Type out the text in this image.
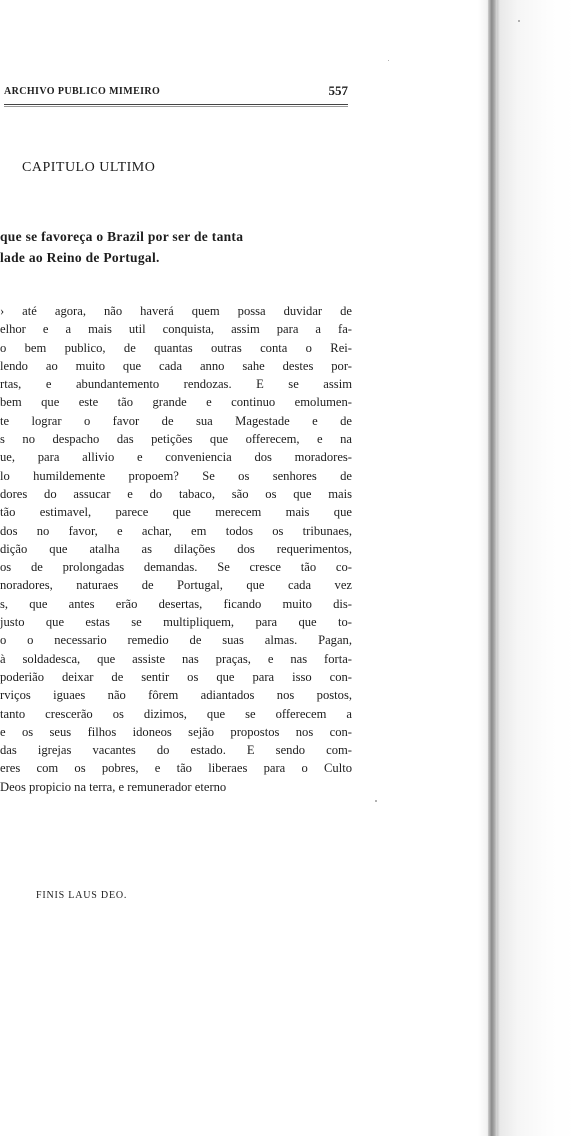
ARCHIVO PUBLICO MIMEIRO	557
CAPITULO ULTIMO
que se favoreça o Brazil por ser de tanta
lade ao Reino de Portugal.
› até agora, não haverá quem possa duvidar de
elhor e a mais util conquista, assim para a fa-
o bem publico, de quantas outras conta o Rei-
lendo ao muito que cada anno sahe destes por-
rtas, e abundantemento rendozas. E se assim
bem que este tão grande e continuo emolumen-
te lograr o favor de sua Magestade e de
s no despacho das petições que offerecem, e na
ue, para allivio e conveniencia dos moradores-
lo humildemente propoem? Se os senhores de
dores do assucar e do tabaco, são os que mais
tão estimavel, parece que merecem mais que
dos no favor, e achar, em todos os tribunaes,
dição que atalha as dilações dos requerimentos,
os de prolongadas demandas. Se cresce tão co-
noradores, naturaes de Portugal, que cada vez
s, que antes erão desertas, ficando muito dis-
justo que estas se multipliquem, para que to-
o o necessario remedio de suas almas. Pagan,
à soldadesca, que assiste nas praças, e nas forta-
poderião deixar de sentir os que para isso con-
rviços iguaes não fôrem adiantados nos postos,
tanto crescerão os dizimos, que se offerecem a
e os seus filhos idoneos sejão propostos nos con-
das igrejas vacantes do estado. E sendo com-
eres com os pobres, e tão liberaes para o Culto
Deos propicio na terra, e remunerador eterno
FINIS LAUS DEO.
